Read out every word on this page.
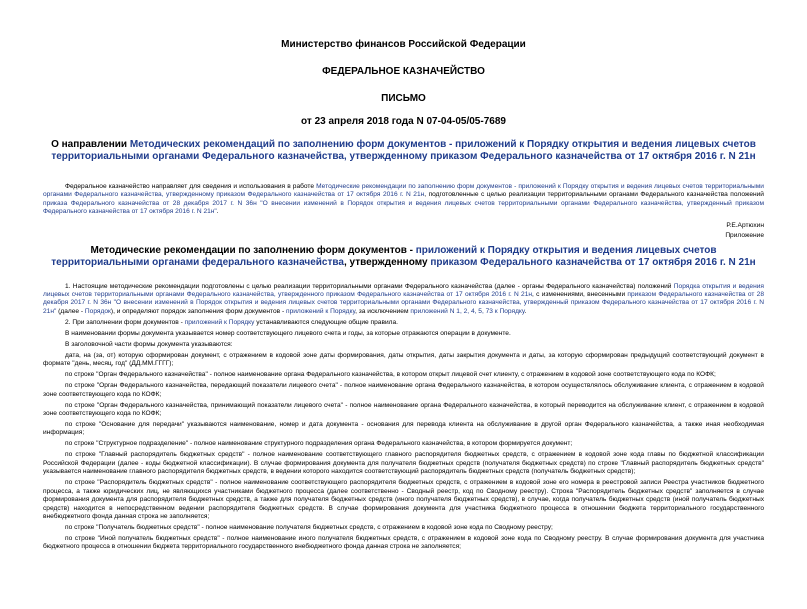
Министерство финансов Российской Федерации
ФЕДЕРАЛЬНОЕ КАЗНАЧЕЙСТВО
ПИСЬМО
от 23 апреля 2018 года N 07-04-05/05-7689
О направлении Методических рекомендаций по заполнению форм документов - приложений к Порядку открытия и ведения лицевых счетов территориальными органами Федерального казначейства, утвержденному приказом Федерального казначейства от 17 октября 2016 г. N 21н
Федеральное казначейство направляет для сведения и использования в работе Методические рекомендации по заполнению форм документов - приложений к Порядку открытия и ведения лицевых счетов территориальными органами Федерального казначейства, утвержденному приказом Федерального казначейства от 17 октября 2016 г. N 21н, подготовленные с целью реализации территориальными органами Федерального казначейства положений приказа Федерального казначейства от 28 декабря 2017 г. N 36н "О внесении изменений в Порядок открытия и ведения лицевых счетов территориальными органами Федерального казначейства, утвержденный приказом Федерального казначейства от 17 октября 2016 г. N 21н".
Р.Е.Артюхин
Приложение
Методические рекомендации по заполнению форм документов - приложений к Порядку открытия и ведения лицевых счетов территориальными органами федерального казначейства, утвержденному приказом Федерального казначейства от 17 октября 2016 г. N 21н

1. Настоящие методические рекомендации подготовлены с целью реализации территориальными органами Федерального казначейства (далее - органы Федерального казначейства) положений Порядка открытия и ведения лицевых счетов территориальными органами Федерального казначейства, утвержденного приказом Федерального казначейства от 17 октября 2016 г. N 21н, с изменениями, внесенными приказом Федерального казначейства от 28 декабря 2017 г. N 36н "О внесении изменений в Порядок открытия и ведения лицевых счетов территориальными органами Федерального казначейства, утвержденный приказом Федерального казначейства от 17 октября 2016 г. N 21н" (далее - Порядок), и определяют порядок заполнения форм документов - приложений к Порядку, за исключением приложений N 1, 2, 4, 5, 73 к Порядку.

2. При заполнении форм документов - приложений к Порядку устанавливаются следующие общие правила.

В наименовании формы документа указывается номер соответствующего лицевого счета и годы, за которые отражаются операции в документе.

В заголовочной части формы документа указываются:

дата, на (за, от) которую сформирован документ, с отражением в кодовой зоне даты формирования, даты открытия, даты закрытия документа и даты, за которую сформирован предыдущий соответствующий документ в формате "день, месяц, год" (ДД.ММ.ГГГГ);

по строке "Орган Федерального казначейства" - полное наименование органа Федерального казначейства, в котором открыт лицевой счет клиенту, с отражением в кодовой зоне соответствующего кода по КОФК;

по строке "Орган Федерального казначейства, передающий показатели лицевого счета" - полное наименование органа Федерального казначейства, в котором осуществлялось обслуживание клиента, с отражением в кодовой зоне соответствующего кода по КОФК;

по строке "Орган Федерального казначейства, принимающий показатели лицевого счета" - полное наименование органа Федерального казначейства, в который переводится на обслуживание клиент, с отражением в кодовой зоне соответствующего кода по КОФК;

по строке "Основание для передачи" указываются наименование, номер и дата документа - основания для перевода клиента на обслуживание в другой орган Федерального казначейства, а также иная необходимая информация;

по строке "Структурное подразделение" - полное наименование структурного подразделения органа Федерального казначейства, в котором формируется документ;

по строке "Главный распорядитель бюджетных средств" - полное наименование соответствующего главного распорядителя бюджетных средств, с отражением в кодовой зоне кода главы по бюджетной классификации Российской Федерации (далее - коды бюджетной классификации). В случае формирования документа для получателя бюджетных средств (получателя бюджетных средств) по строке "Главный распорядитель бюджетных средств" указывается наименование главного распорядителя бюджетных средств, в ведении которого находится соответствующий распорядитель бюджетных средств (получатель бюджетных средств);

по строке "Распорядитель бюджетных средств" - полное наименование соответствующего распорядителя бюджетных средств, с отражением в кодовой зоне его номера в реестровой записи Реестра участников бюджетного процесса, а также юридических лиц, не являющихся участниками бюджетного процесса (далее соответственно - Сводный реестр, код по Сводному реестру). Строка "Распорядитель бюджетных средств" заполняется в случае формирования документа для распорядителя бюджетных средств, а также для получателя бюджетных средств (иного получателя бюджетных средств), в случае, когда получатель бюджетных средств (иной получатель бюджетных средств) находится в непосредственном ведении распорядителя бюджетных средств. В случае формирования документа для участника бюджетного процесса в отношении бюджета территориального государственного внебюджетного фонда данная строка не заполняется;

по строке "Получатель бюджетных средств" - полное наименование получателя бюджетных средств, с отражением в кодовой зоне кода по Сводному реестру;

по строке "Иной получатель бюджетных средств" - полное наименование иного получателя бюджетных средств, с отражением в кодовой зоне кода по Сводному реестру. В случае формирования документа для участника бюджетного процесса в отношении бюджета территориального государственного внебюджетного фонда данная строка не заполняется;
